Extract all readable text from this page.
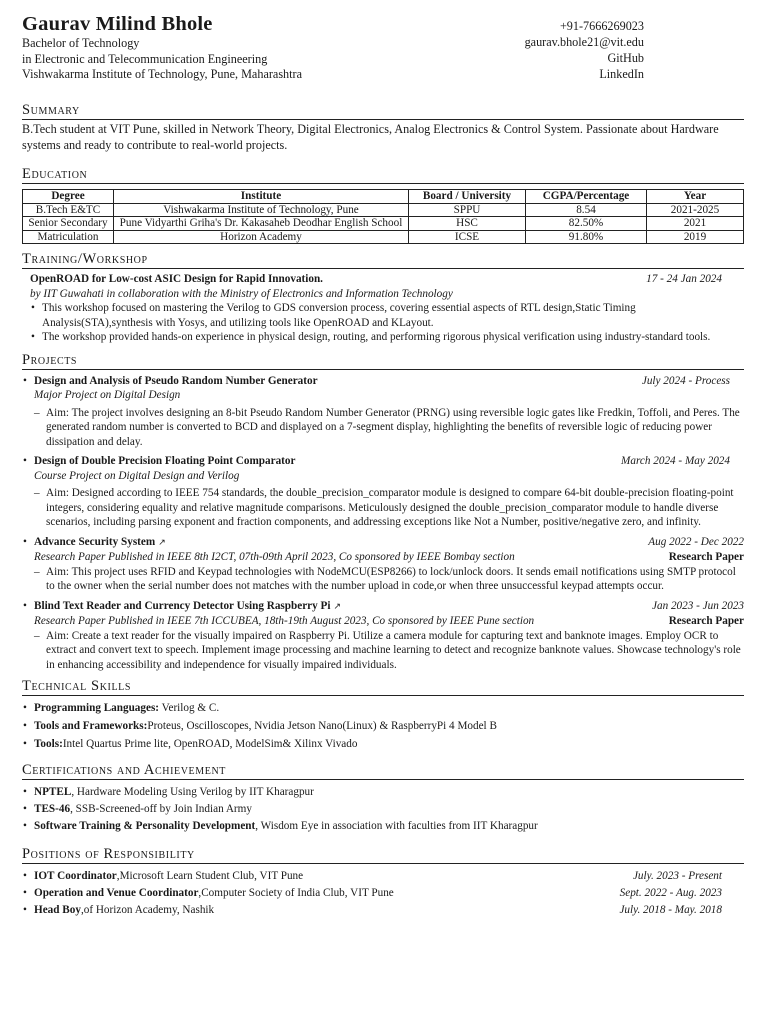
Gaurav Milind Bhole
Bachelor of Technology
in Electronic and Telecommunication Engineering
Vishwakarma Institute of Technology, Pune, Maharashtra
+91-7666269023
gaurav.bhole21@vit.edu
GitHub
LinkedIn
Summary
B.Tech student at VIT Pune, skilled in Network Theory, Digital Electronics, Analog Electronics & Control System. Passionate about Hardware systems and ready to contribute to real-world projects.
Education
Degree	Institute	Board / University	CGPA/Percentage	Year
B.Tech E&TC	Vishwakarma Institute of Technology, Pune	SPPU	8.54	2021-2025
Senior Secondary	Pune Vidyarthi Griha's Dr. Kakasaheb Deodhar English School	HSC	82.50%	2021
Matriculation	Horizon Academy	ICSE	91.80%	2019
Training/Workshop
OpenROAD for Low-cost ASIC Design for Rapid Innovation.	17 - 24 Jan 2024
by IIT Guwahati in collaboration with the Ministry of Electronics and Information Technology
• This workshop focused on mastering the Verilog to GDS conversion process, covering essential aspects of RTL design,Static Timing Analysis(STA),synthesis with Yosys, and utilizing tools like OpenROAD and KLayout.
• The workshop provided hands-on experience in physical design, routing, and performing rigorous physical verification using industry-standard tools.
Projects
• Design and Analysis of Pseudo Random Number Generator	July 2024 - Process
Major Project on Digital Design
– Aim: The project involves designing an 8-bit Pseudo Random Number Generator (PRNG) using reversible logic gates like Fredkin, Toffoli, and Peres. The generated random number is converted to BCD and displayed on a 7-segment display, highlighting the benefits of reversible logic of reducing power dissipation and delay.
• Design of Double Precision Floating Point Comparator	March 2024 - May 2024
Course Project on Digital Design and Verilog
– Aim: Designed according to IEEE 754 standards, the double_precision_comparator module is designed to compare 64-bit double-precision floating-point integers, considering equality and relative magnitude comparisons. Meticulously designed the double_precision_comparator module to handle diverse scenarios, including parsing exponent and fraction components, and addressing exceptions like Not a Number, positive/negative zero, and infinity.
• Advance Security System ↗	Aug 2022 - Dec 2022
Research Paper Published in IEEE 8th I2CT, 07th-09th April 2023, Co sponsored by IEEE Bombay section	Research Paper
– Aim: This project uses RFID and Keypad technologies with NodeMCU(ESP8266) to lock/unlock doors. It sends email notifications using SMTP protocol to the owner when the serial number does not matches with the number upload in code,or when three unsuccessful keypad attempts occur.
• Blind Text Reader and Currency Detector Using Raspberry Pi ↗	Jan 2023 - Jun 2023
Research Paper Published in IEEE 7th ICCUBEA, 18th-19th August 2023, Co sponsored by IEEE Pune section	Research Paper
– Aim: Create a text reader for the visually impaired on Raspberry Pi. Utilize a camera module for capturing text and banknote images. Employ OCR to extract and convert text to speech. Implement image processing and machine learning to detect and recognize banknote values. Showcase technology's role in enhancing accessibility and independence for visually impaired individuals.
Technical Skills
• Programming Languages: Verilog & C.
• Tools and Frameworks:Proteus, Oscilloscopes, Nvidia Jetson Nano(Linux) & RaspberryPi 4 Model B
• Tools:Intel Quartus Prime lite, OpenROAD, ModelSim& Xilinx Vivado
Certifications and Achievement
• NPTEL, Hardware Modeling Using Verilog by IIT Kharagpur
• TES-46, SSB-Screened-off by Join Indian Army
• Software Training & Personality Development, Wisdom Eye in association with faculties from IIT Kharagpur
Positions of Responsibility
• IOT Coordinator,Microsoft Learn Student Club, VIT Pune	July. 2023 - Present
• Operation and Venue Coordinator,Computer Society of India Club, VIT Pune	Sept. 2022 - Aug. 2023
• Head Boy,of Horizon Academy, Nashik	July. 2018 - May. 2018
